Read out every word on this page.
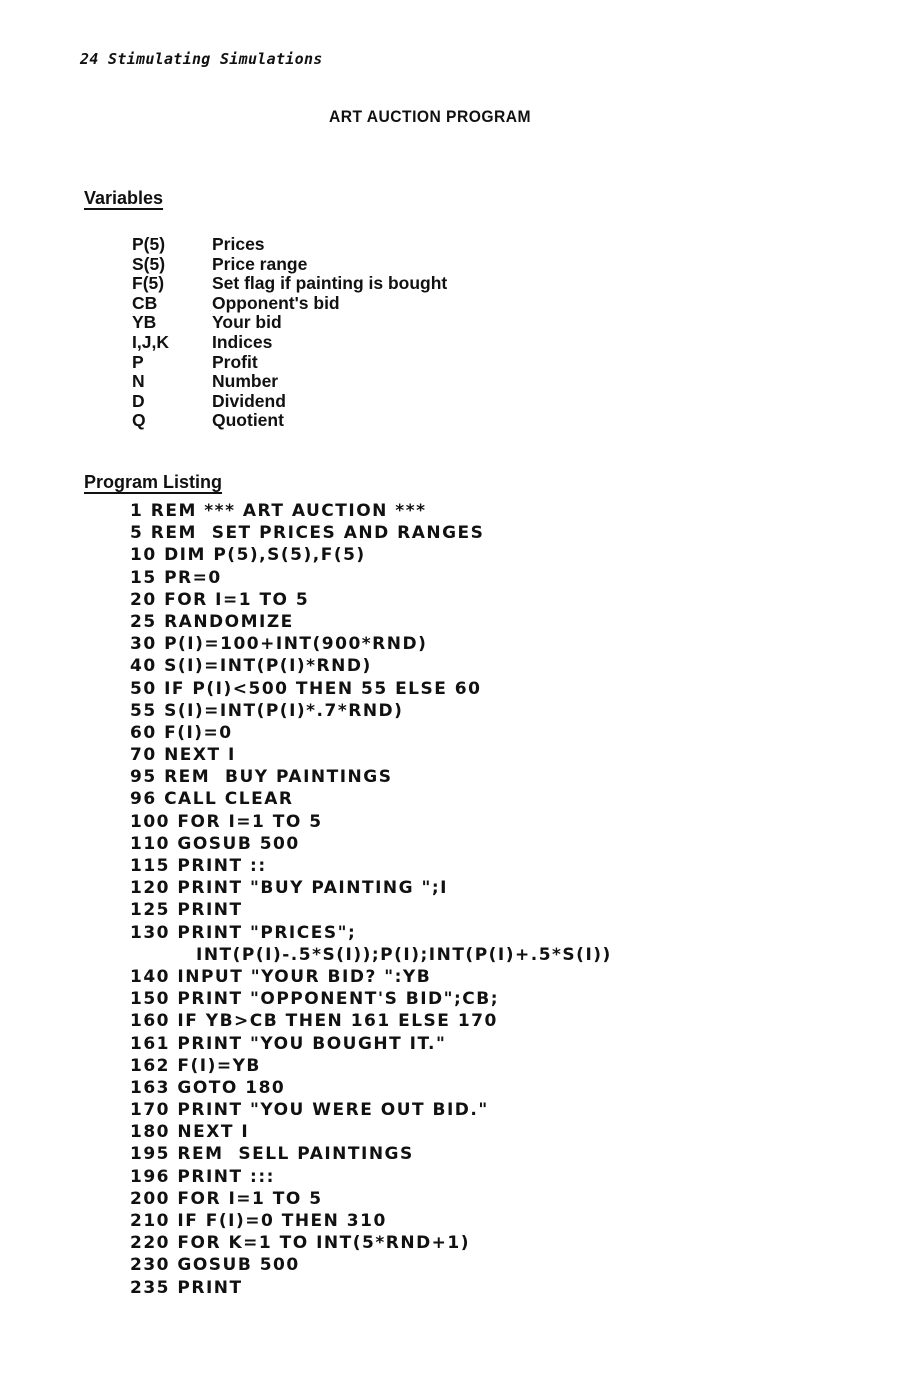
24 Stimulating Simulations
ART AUCTION PROGRAM
Variables
P(5)	Prices
S(5)	Price range
F(5)	Set flag if painting is bought
CB	Opponent's bid
YB	Your bid
I,J,K	Indices
P	Profit
N	Number
D	Dividend
Q	Quotient
Program Listing
1 REM *** ART AUCTION ***
5 REM  SET PRICES AND RANGES
10 DIM P(5),S(5),F(5)
15 PR=0
20 FOR I=1 TO 5
25 RANDOMIZE
30 P(I)=100+INT(900*RND)
40 S(I)=INT(P(I)*RND)
50 IF P(I)<500 THEN 55 ELSE 60
55 S(I)=INT(P(I)*.7*RND)
60 F(I)=0
70 NEXT I
95 REM  BUY PAINTINGS
96 CALL CLEAR
100 FOR I=1 TO 5
110 GOSUB 500
115 PRINT ::
120 PRINT "BUY PAINTING ";I
125 PRINT
130 PRINT "PRICES";
INT(P(I)-.5*S(I));P(I);INT(P(I)+.5*S(I))
140 INPUT "YOUR BID? ":YB
150 PRINT "OPPONENT'S BID";CB;
160 IF YB>CB THEN 161 ELSE 170
161 PRINT "YOU BOUGHT IT."
162 F(I)=YB
163 GOTO 180
170 PRINT "YOU WERE OUT BID."
180 NEXT I
195 REM  SELL PAINTINGS
196 PRINT :::
200 FOR I=1 TO 5
210 IF F(I)=0 THEN 310
220 FOR K=1 TO INT(5*RND+1)
230 GOSUB 500
235 PRINT
